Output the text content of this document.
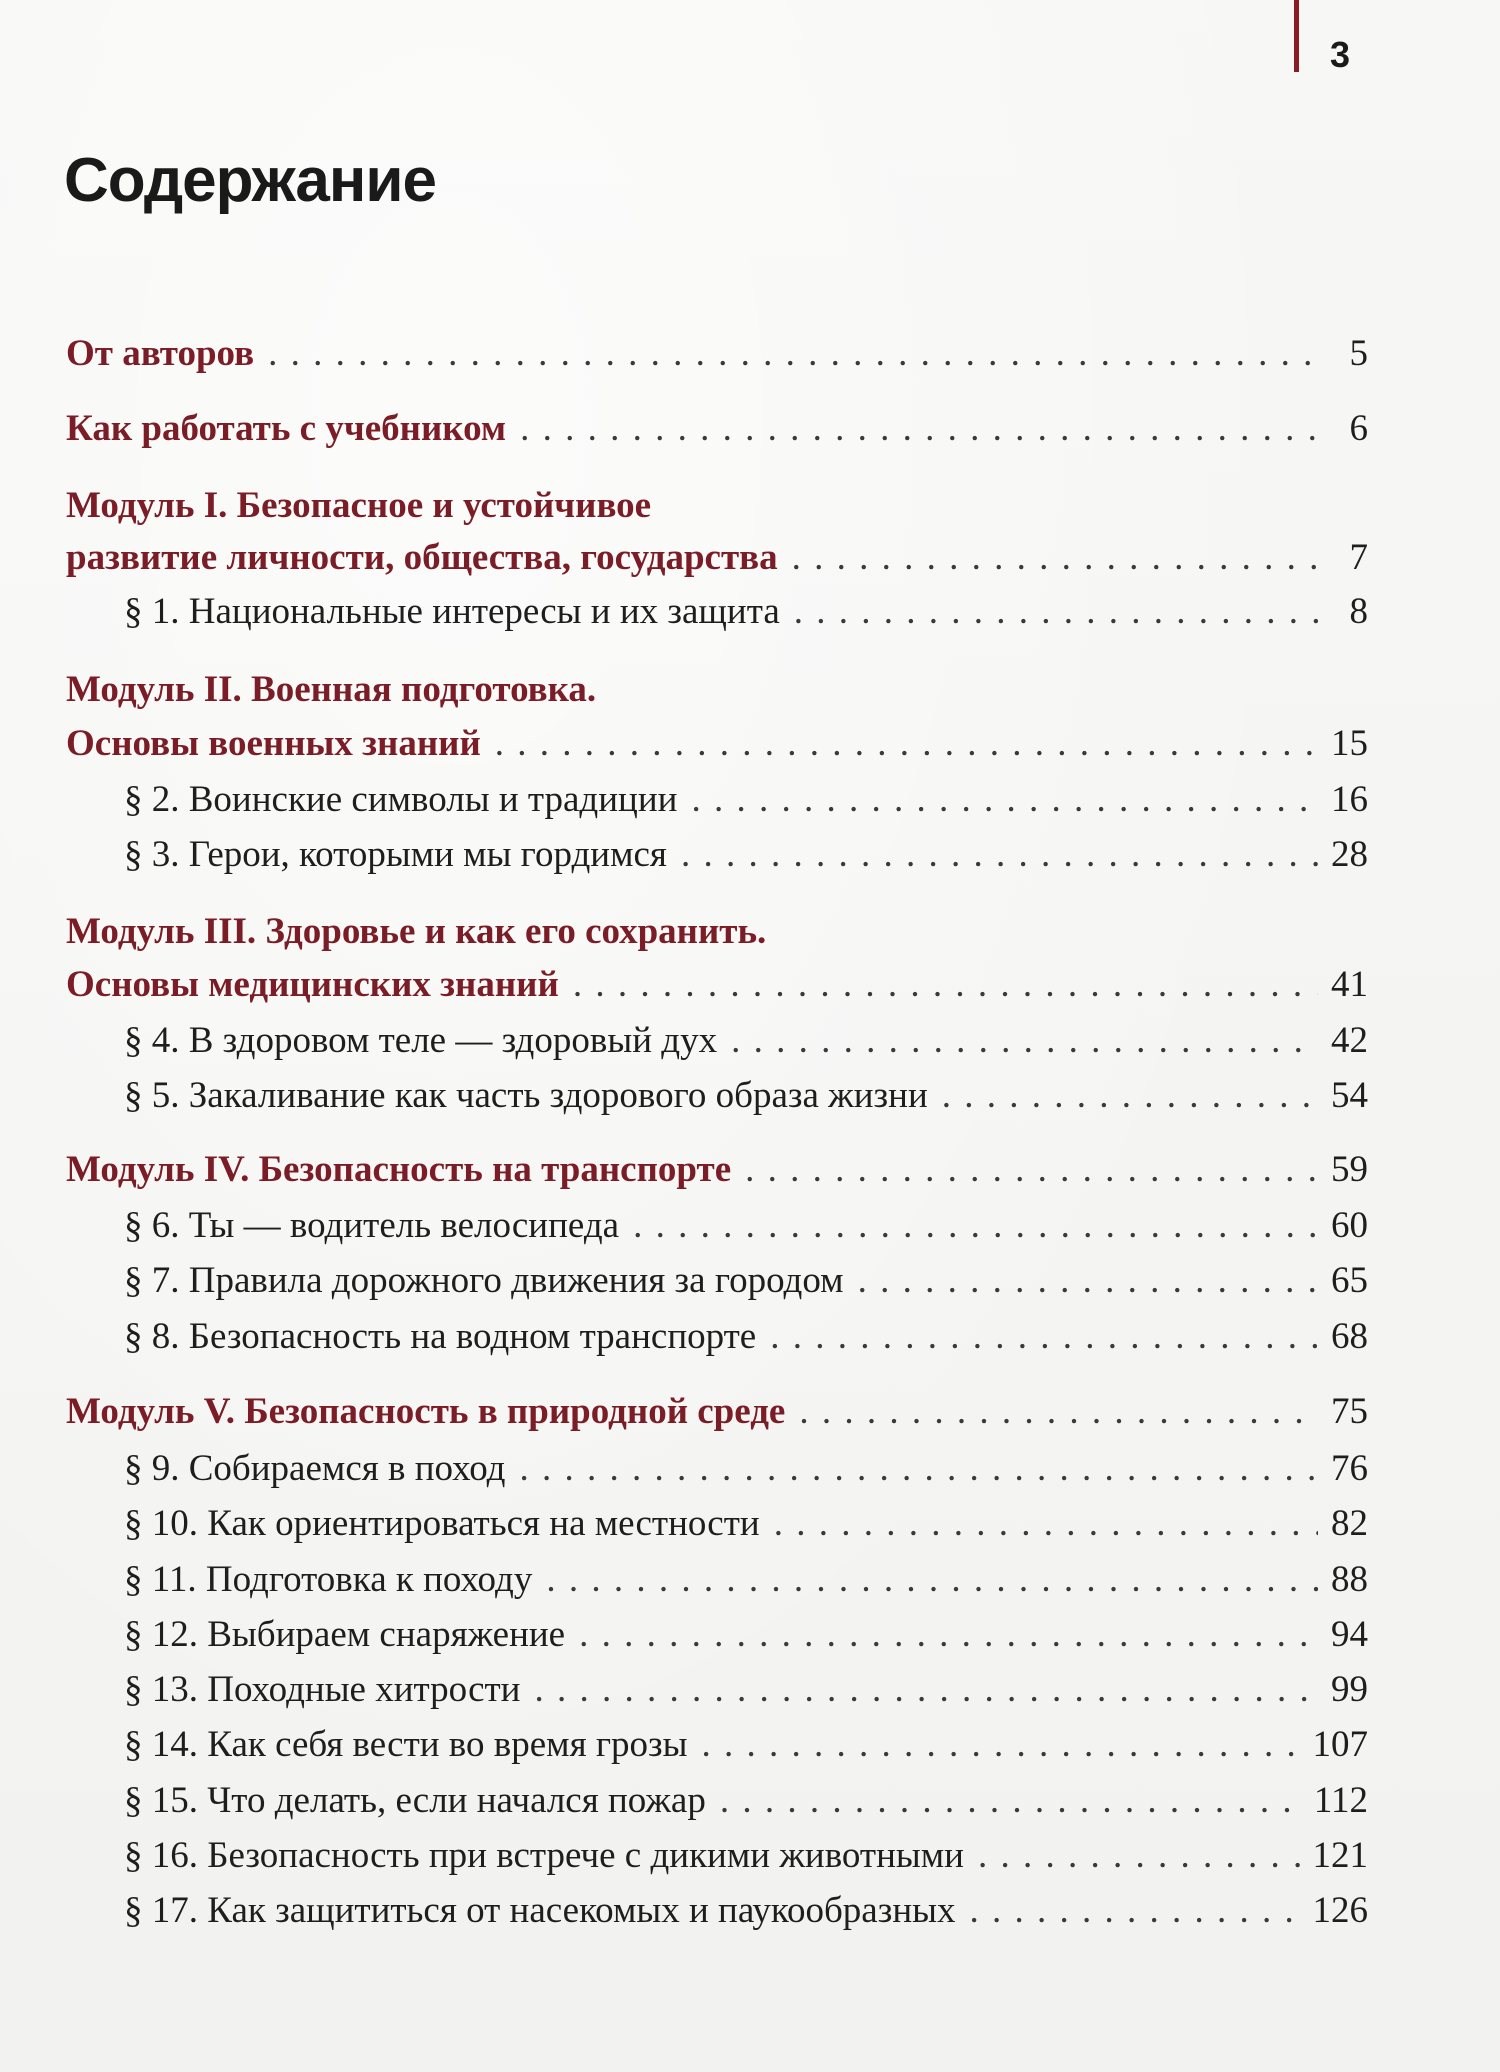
3
Содержание
От авторов . . .	5
Как работать с учебником . . .	6
Модуль I. Безопасное и устойчивое
развитие личности, общества, государства . . .	7
§ 1. Национальные интересы и их защита . . .	8
Модуль II. Военная подготовка.
Основы военных знаний . . .	15
§ 2. Воинские символы и традиции . . .	16
§ 3. Герои, которыми мы гордимся . . .	28
Модуль III. Здоровье и как его сохранить.
Основы медицинских знаний . . .	41
§ 4. В здоровом теле — здоровый дух . . .	42
§ 5. Закаливание как часть здорового образа жизни . . .	54
Модуль IV. Безопасность на транспорте . . .	59
§ 6. Ты — водитель велосипеда . . .	60
§ 7. Правила дорожного движения за городом . . .	65
§ 8. Безопасность на водном транспорте . . .	68
Модуль V. Безопасность в природной среде . . .	75
§ 9. Собираемся в поход . . .	76
§ 10. Как ориентироваться на местности . . .	82
§ 11. Подготовка к походу . . .	88
§ 12. Выбираем снаряжение . . .	94
§ 13. Походные хитрости . . .	99
§ 14. Как себя вести во время грозы . . .	107
§ 15. Что делать, если начался пожар . . .	112
§ 16. Безопасность при встрече с дикими животными . . .	121
§ 17. Как защититься от насекомых и паукообразных . . .	126
